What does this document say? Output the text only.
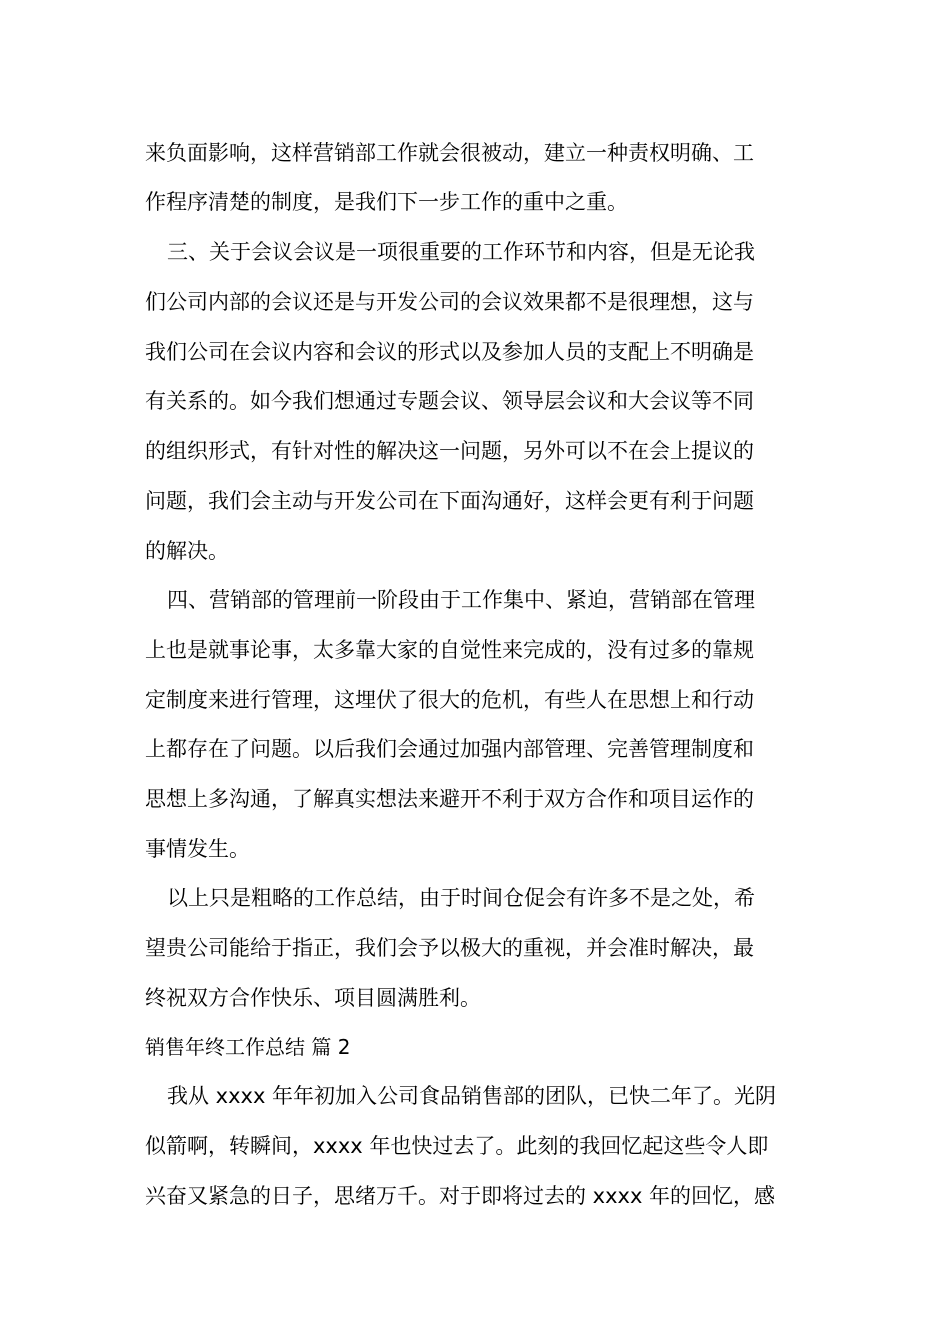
来负面影响，这样营销部工作就会很被动，建立一种责权明确、工
作程序清楚的制度，是我们下一步工作的重中之重。
三、关于会议会议是一项很重要的工作环节和内容，但是无论我
们公司内部的会议还是与开发公司的会议效果都不是很理想，这与
我们公司在会议内容和会议的形式以及参加人员的支配上不明确是
有关系的。如今我们想通过专题会议、领导层会议和大会议等不同
的组织形式，有针对性的解决这一问题，另外可以不在会上提议的
问题，我们会主动与开发公司在下面沟通好，这样会更有利于问题
的解决。
四、营销部的管理前一阶段由于工作集中、紧迫，营销部在管理
上也是就事论事，太多靠大家的自觉性来完成的，没有过多的靠规
定制度来进行管理，这埋伏了很大的危机，有些人在思想上和行动
上都存在了问题。以后我们会通过加强内部管理、完善管理制度和
思想上多沟通，了解真实想法来避开不利于双方合作和项目运作的
事情发生。
以上只是粗略的工作总结，由于时间仓促会有许多不是之处，希
望贵公司能给于指正，我们会予以极大的重视，并会准时解决，最
终祝双方合作快乐、项目圆满胜利。
销售年终工作总结 篇 2
我从 xxxx 年年初加入公司食品销售部的团队，已快二年了。光阴
似箭啊，转瞬间，xxxx 年也快过去了。此刻的我回忆起这些令人即
兴奋又紧急的日子，思绪万千。对于即将过去的 xxxx 年的回忆，感
